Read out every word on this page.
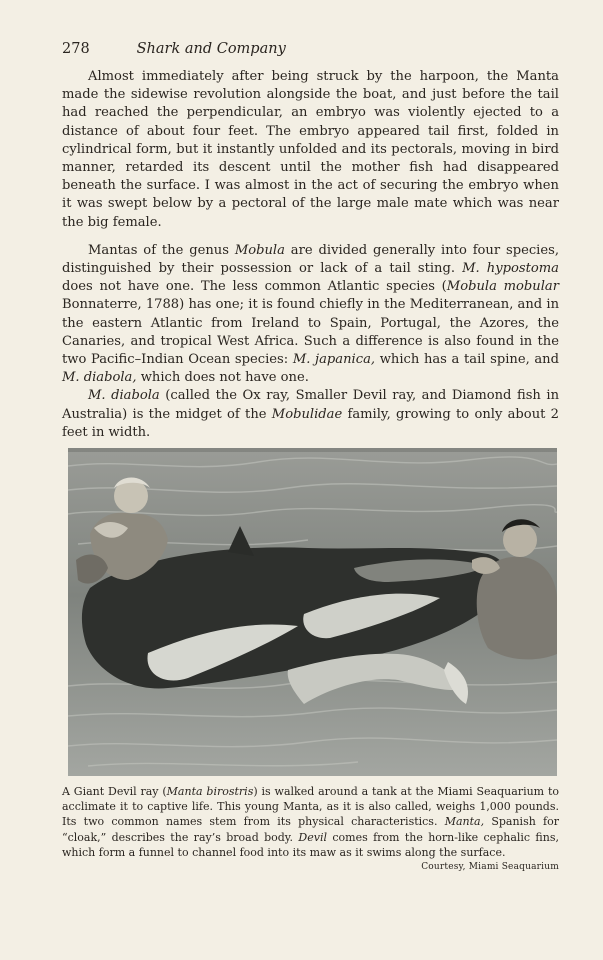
278	Shark and Company

Almost immediately after being struck by the harpoon, the Manta made the sidewise revolution alongside the boat, and just before the tail had reached the perpendicular, an embryo was violently ejected to a distance of about four feet. The embryo appeared tail first, folded in cylindrical form, but it instantly unfolded and its pectorals, moving in bird manner, retarded its descent until the mother fish had disappeared beneath the surface. I was almost in the act of securing the embryo when it was swept below by a pectoral of the large male mate which was near the big female.

Mantas of the genus Mobula are divided generally into four species, distinguished by their possession or lack of a tail sting. M. hypostoma does not have one. The less common Atlantic species (Mobula mobular Bonnaterre, 1788) has one; it is found chiefly in the Mediterranean, and in the eastern Atlantic from Ireland to Spain, Portugal, the Azores, the Canaries, and tropical West Africa. Such a difference is also found in the two Pacific–Indian Ocean species: M. japanica, which has a tail spine, and M. diabola, which does not have one.

M. diabola (called the Ox ray, Smaller Devil ray, and Diamond fish in Australia) is the midget of the Mobulidae family, growing to only about 2 feet in width.

A Giant Devil ray (Manta birostris) is walked around a tank at the Miami Seaquarium to acclimate it to captive life. This young Manta, as it is also called, weighs 1,000 pounds. Its two common names stem from its physical characteristics. Manta, Spanish for “cloak,” describes the ray’s broad body. Devil comes from the horn-like cephalic fins, which form a funnel to channel food into its maw as it swims along the surface.
Courtesy, Miami Seaquarium
